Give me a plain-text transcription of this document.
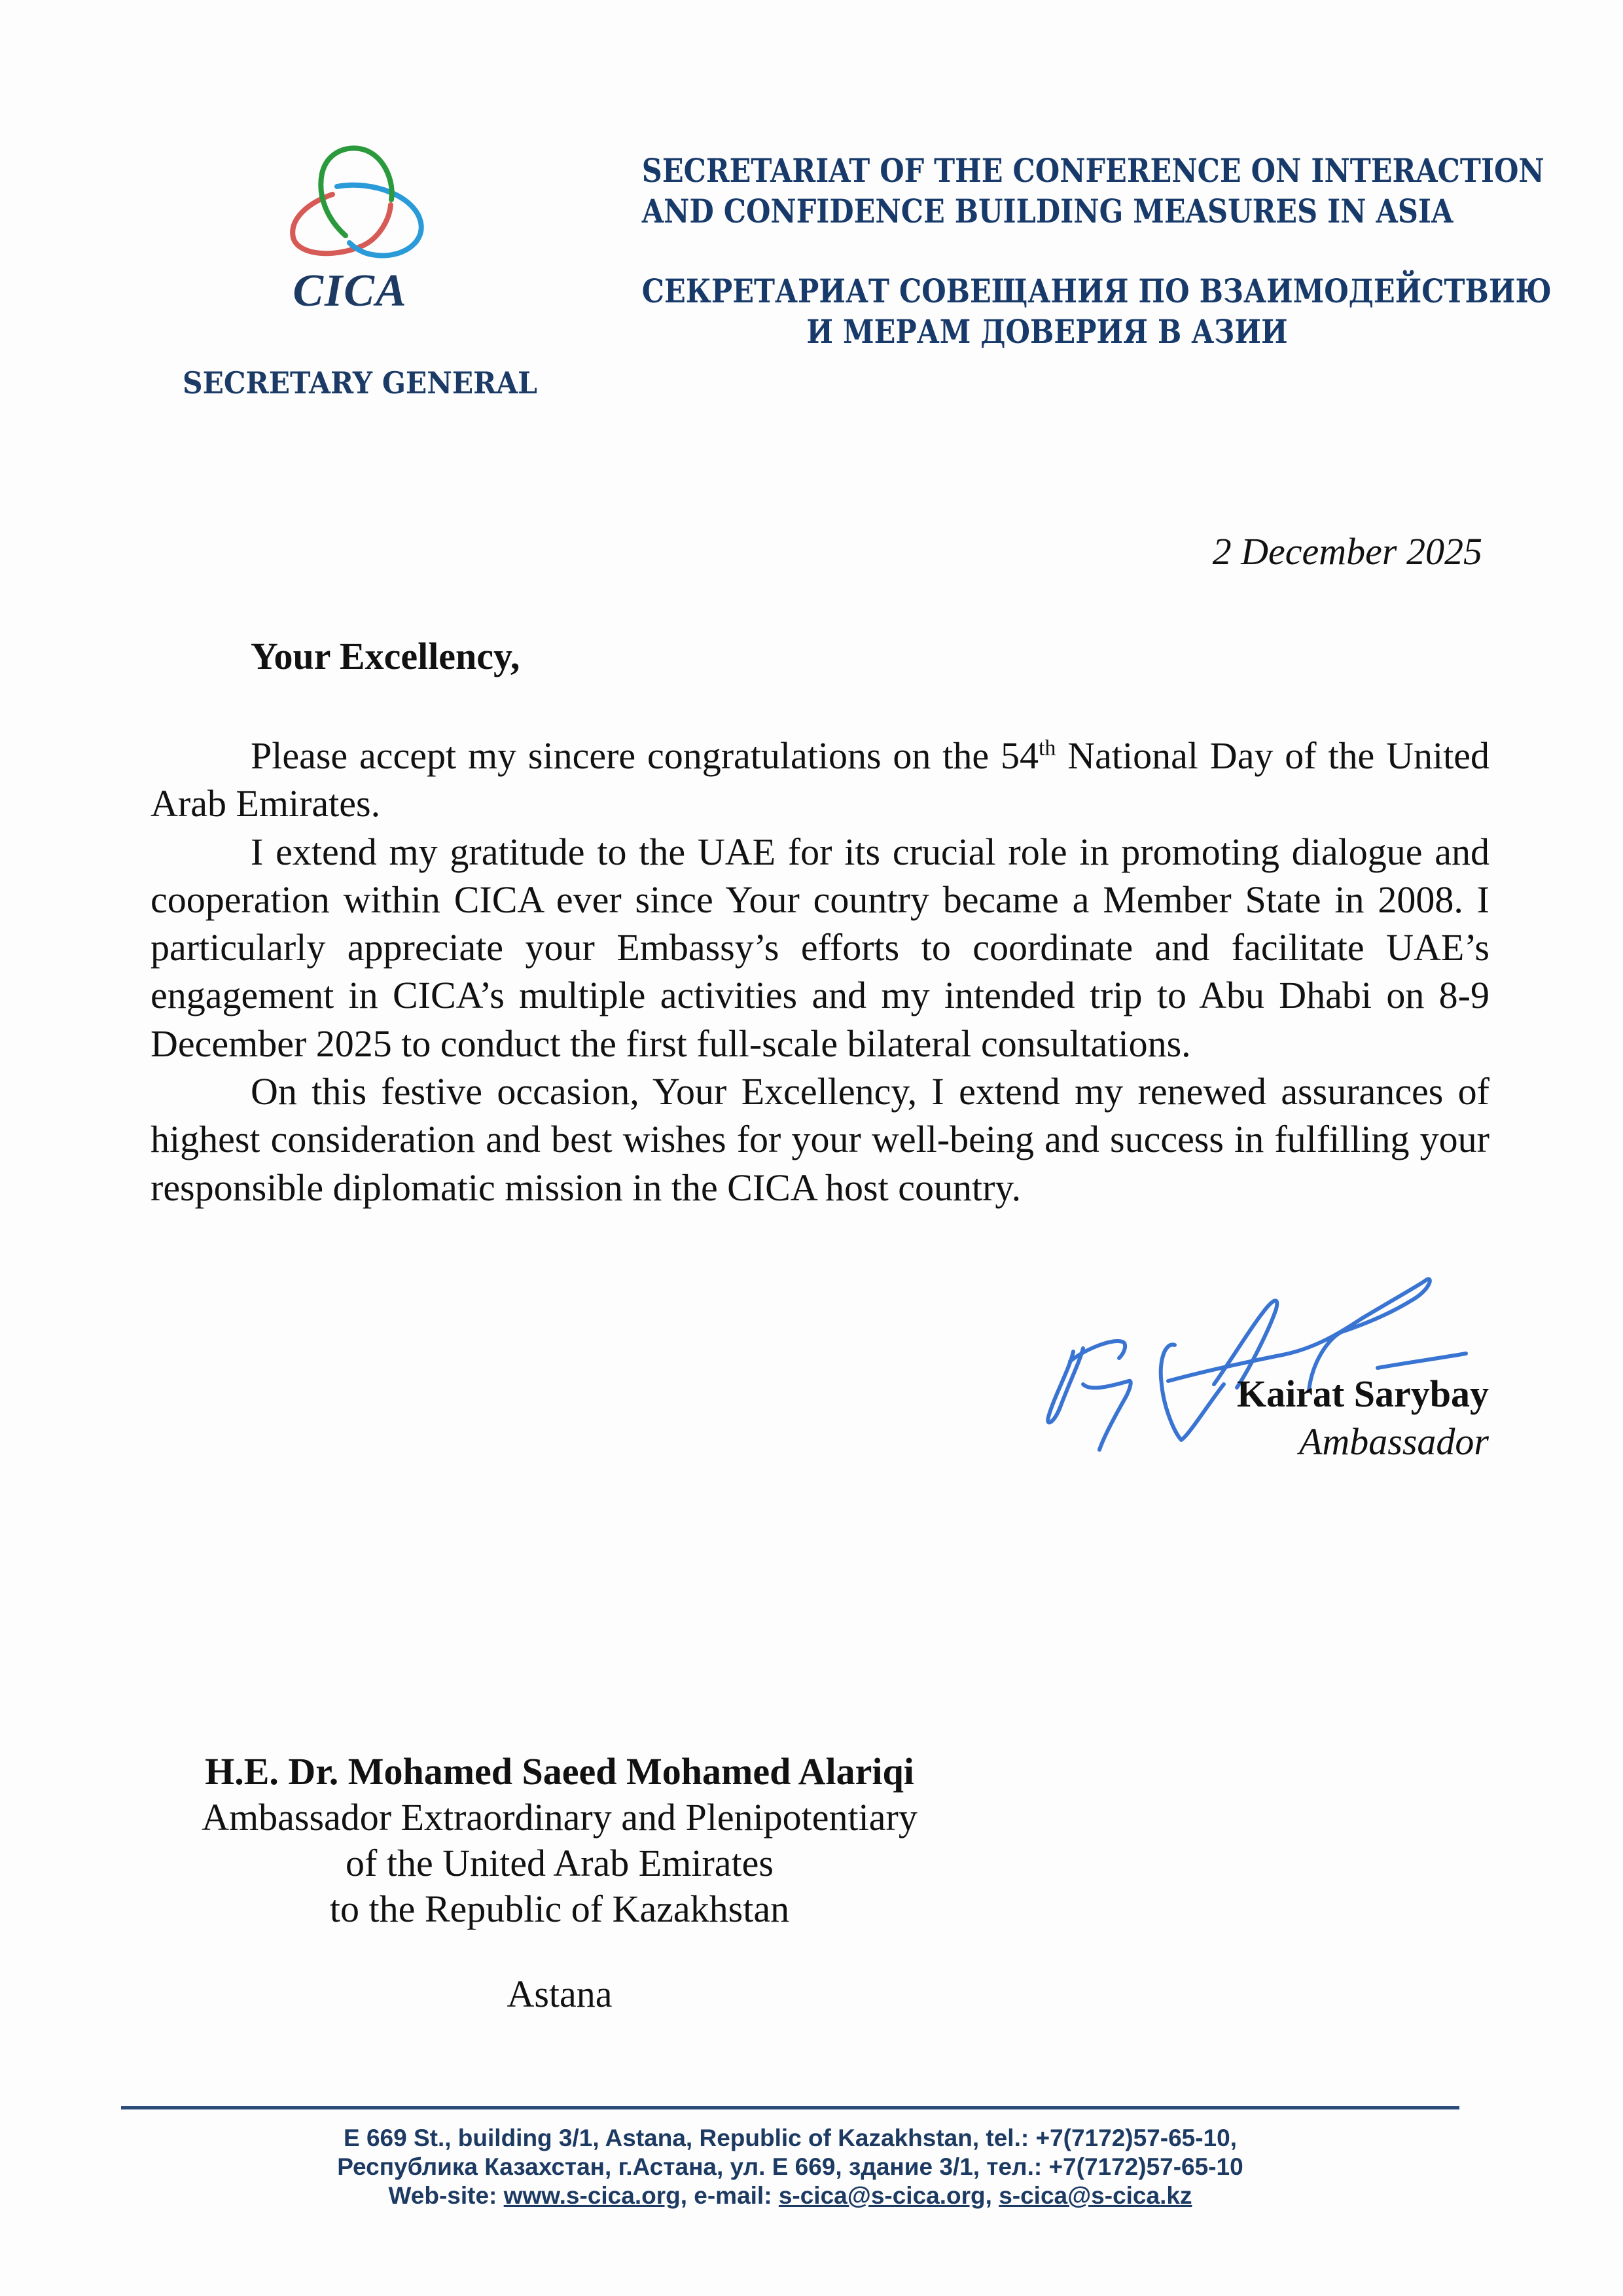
CICA
SECRETARY GENERAL
SECRETARIAT OF THE CONFERENCE ON INTERACTION
AND CONFIDENCE BUILDING MEASURES IN ASIA
СЕКРЕТАРИАТ СОВЕЩАНИЯ ПО ВЗАИМОДЕЙСТВИЮ
И МЕРАМ ДОВЕРИЯ В АЗИИ
2 December 2025
Your Excellency,

Please accept my sincere congratulations on the 54th National Day of the United Arab Emirates.

I extend my gratitude to the UAE for its crucial role in promoting dialogue and cooperation within CICA ever since Your country became a Member State in 2008. I particularly appreciate your Embassy’s efforts to coordinate and facilitate UAE’s engagement in CICA’s multiple activities and my intended trip to Abu Dhabi on 8-9 December 2025 to conduct the first full-scale bilateral consultations.

On this festive occasion, Your Excellency, I extend my renewed assurances of highest consideration and best wishes for your well-being and success in fulfilling your responsible diplomatic mission in the CICA host country.

Kairat Sarybay
Ambassador
H.E. Dr. Mohamed Saeed Mohamed Alariqi
Ambassador Extraordinary and Plenipotentiary
of the United Arab Emirates
to the Republic of Kazakhstan
Astana
E 669 St., building 3/1, Astana, Republic of Kazakhstan, tel.: +7(7172)57-65-10,
Республика Казахстан, г.Астана, ул. Е 669, здание 3/1, тел.: +7(7172)57-65-10
Web-site: www.s-cica.org, e-mail: s-cica@s-cica.org, s-cica@s-cica.kz
